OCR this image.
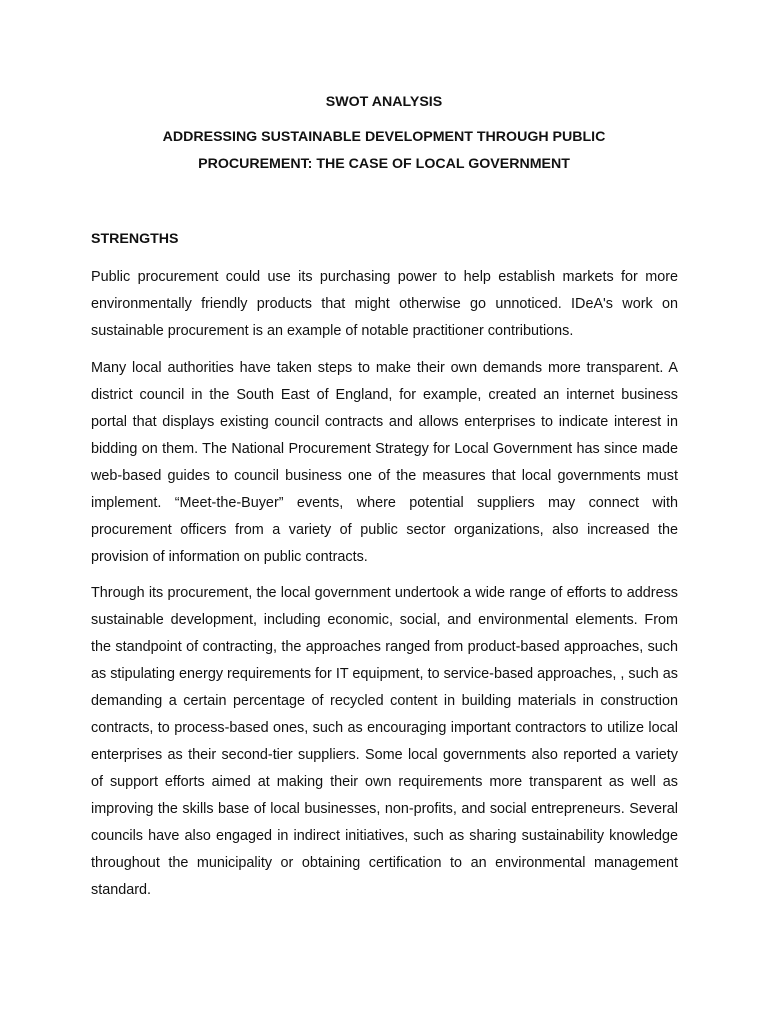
SWOT ANALYSIS
ADDRESSING SUSTAINABLE DEVELOPMENT THROUGH PUBLIC
PROCUREMENT: THE CASE OF LOCAL GOVERNMENT
STRENGTHS

Public procurement could use its purchasing power to help establish markets for more environmentally friendly products that might otherwise go unnoticed. IDeA's work on sustainable procurement is an example of notable practitioner contributions.

Many local authorities have taken steps to make their own demands more transparent. A district council in the South East of England, for example, created an internet business portal that displays existing council contracts and allows enterprises to indicate interest in bidding on them. The National Procurement Strategy for Local Government has since made web-based guides to council business one of the measures that local governments must implement. “Meet-the-Buyer” events, where potential suppliers may connect with procurement officers from a variety of public sector organizations, also increased the provision of information on public contracts.

Through its procurement, the local government undertook a wide range of efforts to address sustainable development, including economic, social, and environmental elements. From the standpoint of contracting, the approaches ranged from product-based approaches, such as stipulating energy requirements for IT equipment, to service-based approaches, , such as demanding a certain percentage of recycled content in building materials in construction contracts, to process-based ones, such as encouraging important contractors to utilize local enterprises as their second-tier suppliers. Some local governments also reported a variety of support efforts aimed at making their own requirements more transparent as well as improving the skills base of local businesses, non-profits, and social entrepreneurs. Several councils have also engaged in indirect initiatives, such as sharing sustainability knowledge throughout the municipality or obtaining certification to an environmental management standard.
